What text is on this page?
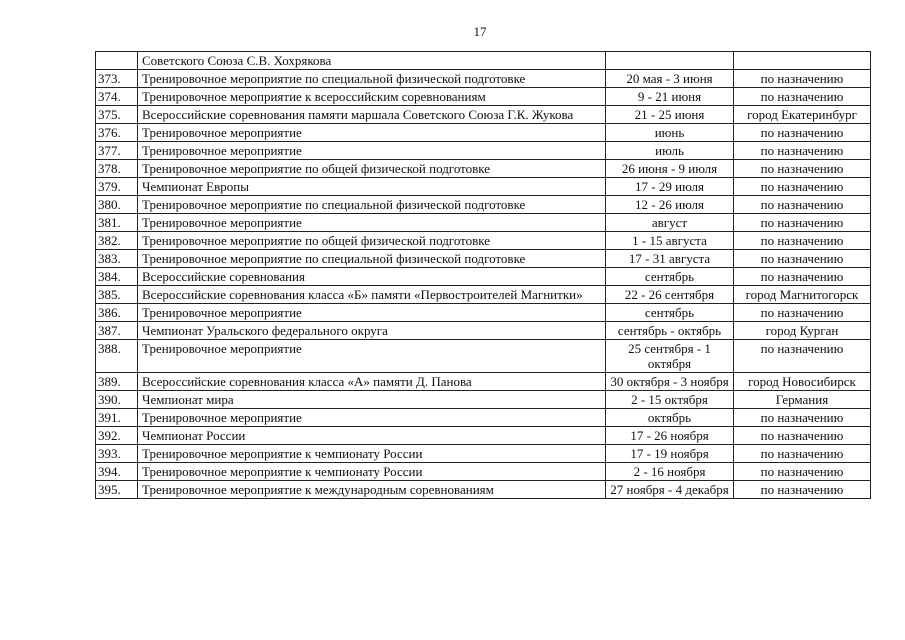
17
	Советского Союза С.В. Хохрякова		
373.	Тренировочное мероприятие по специальной физической подготовке	20 мая - 3 июня	по назначению
374.	Тренировочное мероприятие к всероссийским соревнованиям	9 - 21 июня	по назначению
375.	Всероссийские соревнования памяти маршала Советского Союза Г.К. Жукова	21 - 25 июня	город Екатеринбург
376.	Тренировочное мероприятие	июнь	по назначению
377.	Тренировочное мероприятие	июль	по назначению
378.	Тренировочное мероприятие по общей физической подготовке	26 июня - 9 июля	по назначению
379.	Чемпионат Европы	17 - 29 июля	по назначению
380.	Тренировочное мероприятие по специальной физической подготовке	12 - 26 июля	по назначению
381.	Тренировочное мероприятие	август	по назначению
382.	Тренировочное мероприятие по общей физической подготовке	1 - 15 августа	по назначению
383.	Тренировочное мероприятие по специальной физической подготовке	17 - 31 августа	по назначению
384.	Всероссийские соревнования	сентябрь	по назначению
385.	Всероссийские соревнования класса «Б» памяти «Первостроителей Магнитки»	22 - 26 сентября	город Магнитогорск
386.	Тренировочное мероприятие	сентябрь	по назначению
387.	Чемпионат Уральского федерального округа	сентябрь - октябрь	город Курган
388.	Тренировочное мероприятие	25 сентября - 1 октября	по назначению
389.	Всероссийские соревнования класса «А» памяти Д. Панова	30 октября - 3 ноября	город Новосибирск
390.	Чемпионат мира	2 - 15 октября	Германия
391.	Тренировочное мероприятие	октябрь	по назначению
392.	Чемпионат России	17 - 26 ноября	по назначению
393.	Тренировочное мероприятие к чемпионату России	17 - 19 ноября	по назначению
394.	Тренировочное мероприятие к чемпионату России	2 - 16 ноября	по назначению
395.	Тренировочное мероприятие к международным соревнованиям	27 ноября - 4 декабря	по назначению
